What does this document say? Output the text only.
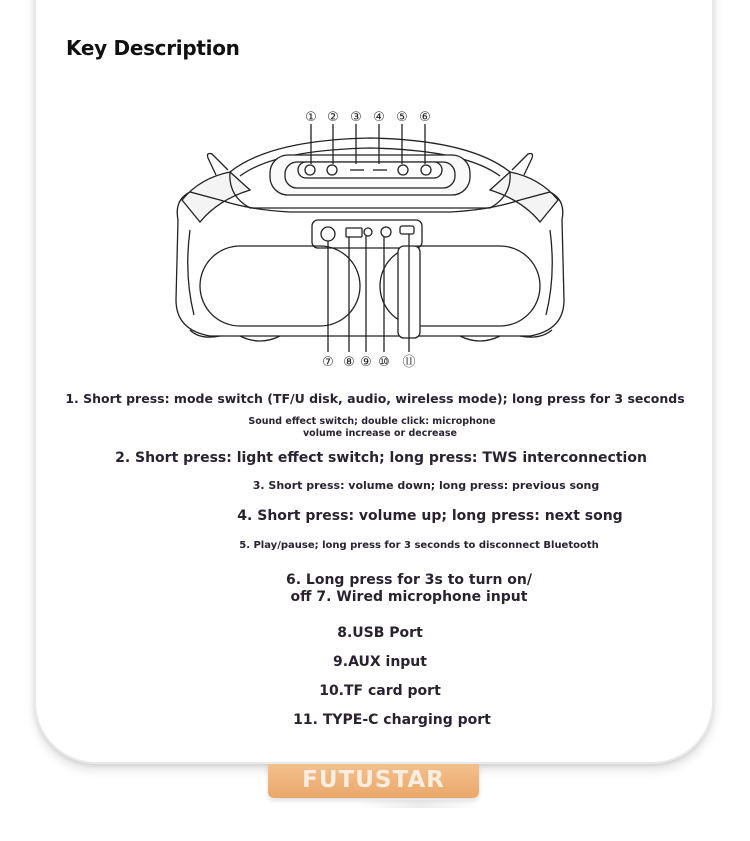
Key Description
① ② ③ ④ ⑤ ⑥
⑦ ⑧ ⑨ ⑩ ⑪
1. Short press: mode switch (TF/U disk, audio, wireless mode); long press for 3 seconds
Sound effect switch; double click: microphone
volume increase or decrease
2. Short press: light effect switch; long press: TWS interconnection
3. Short press: volume down; long press: previous song
4. Short press: volume up; long press: next song
5. Play/pause; long press for 3 seconds to disconnect Bluetooth
6. Long press for 3s to turn on/
off 7. Wired microphone input
8.USB Port
9.AUX input
10.TF card port
11. TYPE-C charging port
FUTUSTAR
